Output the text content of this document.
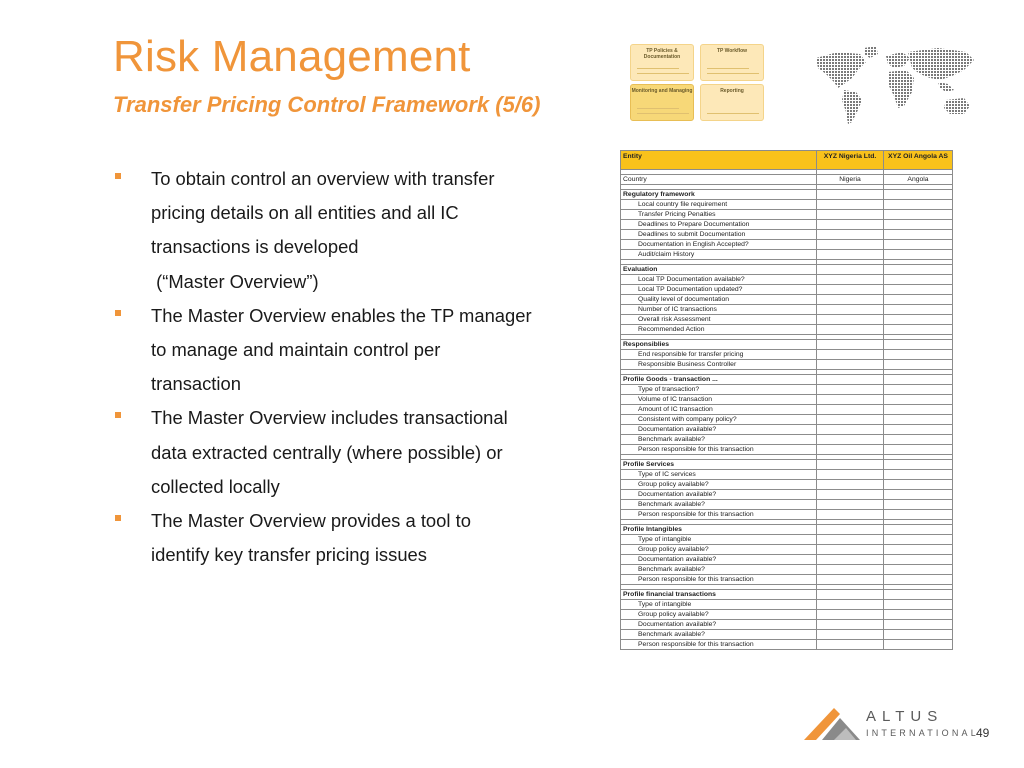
Risk Management
Transfer Pricing Control Framework (5/6)
To obtain control an overview with transfer
pricing details on all entities and all IC
transactions is developed
(“Master Overview”)
The Master Overview enables the TP manager
to manage and maintain control per
transaction
The Master Overview includes transactional
data extracted centrally (where possible) or
collected locally
The Master Overview provides a tool to
identify key transfer pricing issues
TP Policies & Documentation
TP Workflow
Monitoring and Managing	Reporting
Entity	XYZ Nigeria Ltd.	XYZ Oil Angola AS

Country	Nigeria	Angola

Regulatory framework		
Local country file requirement		
Transfer Pricing Penalties		
Deadlines to Prepare Documentation		
Deadlines to submit Documentation		
Documentation in English Accepted?		
Audit/claim History		

Evaluation		
Local TP Documentation available?		
Local TP Documentation updated?		
Quality level of documentation		
Number of IC transactions		
Overall risk Assessment		
Recommended Action		

Responsiblies		
End responsible for transfer pricing		
Responsible Business Controller		

Profile Goods - transaction ...		
Type of transaction?		
Volume of IC transaction		
Amount of IC transaction		
Consistent with company policy?		
Documentation available?		
Benchmark available?		
Person responsible for this transaction		

Profile Services		
Type of IC services		
Group policy available?		
Documentation available?		
Benchmark available?		
Person responsible for this transaction		

Profile Intangibles		
Type of intangible		
Group policy available?		
Documentation available?		
Benchmark available?		
Person responsible for this transaction		

Profile financial transactions		
Type of intangible		
Group policy available?		
Documentation available?		
Benchmark available?		
Person responsible for this transaction		
ALTUS
INTERNATIONAL
49
